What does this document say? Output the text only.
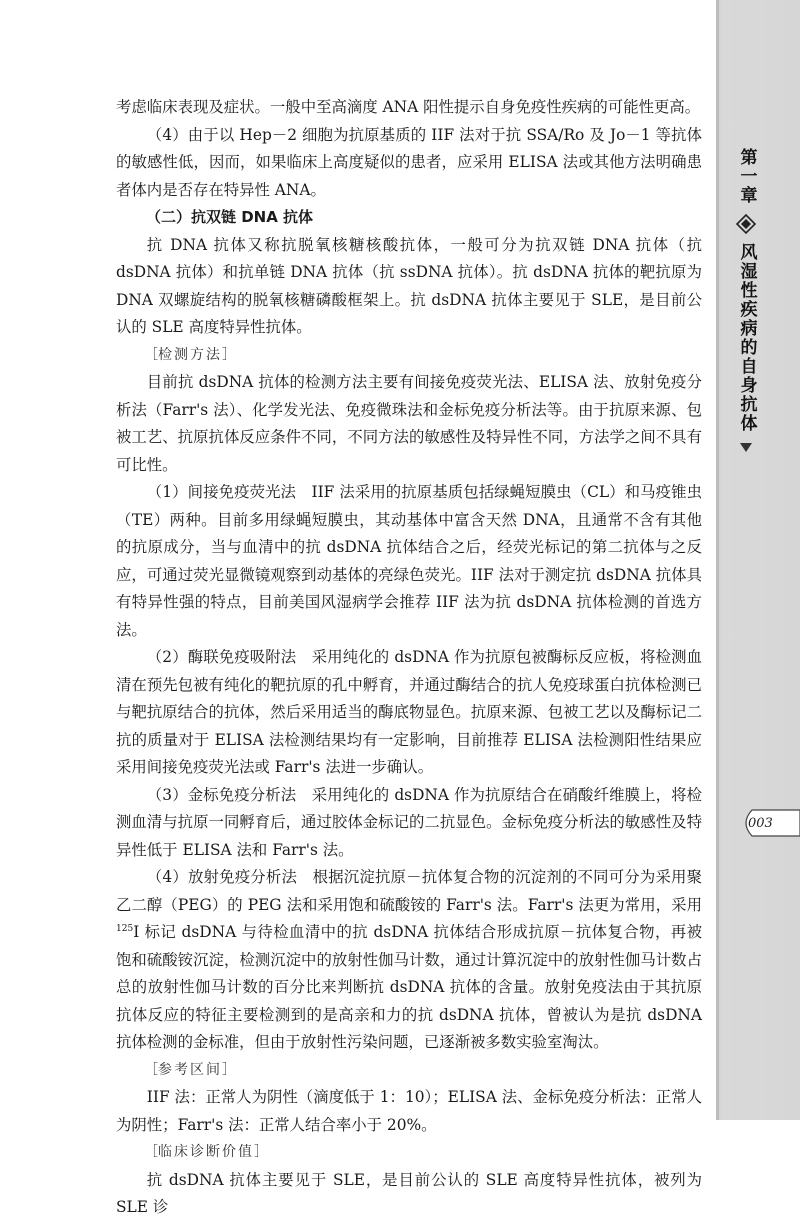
第一章
风湿性疾病的自身抗体
003

考虑临床表现及症状。一般中至高滴度 ANA 阳性提示自身免疫性疾病的可能性更高。

（4）由于以 Hep－2 细胞为抗原基质的 IIF 法对于抗 SSA/Ro 及 Jo－1 等抗体的敏感性低，因而，如果临床上高度疑似的患者，应采用 ELISA 法或其他方法明确患者体内是否存在特异性 ANA。

（二）抗双链 DNA 抗体

抗 DNA 抗体又称抗脱氧核糖核酸抗体，一般可分为抗双链 DNA 抗体（抗 dsDNA 抗体）和抗单链 DNA 抗体（抗 ssDNA 抗体）。抗 dsDNA 抗体的靶抗原为 DNA 双螺旋结构的脱氧核糖磷酸框架上。抗 dsDNA 抗体主要见于 SLE，是目前公认的 SLE 高度特异性抗体。

［检测方法］

目前抗 dsDNA 抗体的检测方法主要有间接免疫荧光法、ELISA 法、放射免疫分析法（Farr's 法）、化学发光法、免疫微珠法和金标免疫分析法等。由于抗原来源、包被工艺、抗原抗体反应条件不同，不同方法的敏感性及特异性不同，方法学之间不具有可比性。

（1）间接免疫荧光法　IIF 法采用的抗原基质包括绿蝇短膜虫（CL）和马疫锥虫（TE）两种。目前多用绿蝇短膜虫，其动基体中富含天然 DNA，且通常不含有其他的抗原成分，当与血清中的抗 dsDNA 抗体结合之后，经荧光标记的第二抗体与之反应，可通过荧光显微镜观察到动基体的亮绿色荧光。IIF 法对于测定抗 dsDNA 抗体具有特异性强的特点，目前美国风湿病学会推荐 IIF 法为抗 dsDNA 抗体检测的首选方法。

（2）酶联免疫吸附法　采用纯化的 dsDNA 作为抗原包被酶标反应板，将检测血清在预先包被有纯化的靶抗原的孔中孵育，并通过酶结合的抗人免疫球蛋白抗体检测已与靶抗原结合的抗体，然后采用适当的酶底物显色。抗原来源、包被工艺以及酶标记二抗的质量对于 ELISA 法检测结果均有一定影响，目前推荐 ELISA 法检测阳性结果应采用间接免疫荧光法或 Farr's 法进一步确认。

（3）金标免疫分析法　采用纯化的 dsDNA 作为抗原结合在硝酸纤维膜上，将检测血清与抗原一同孵育后，通过胶体金标记的二抗显色。金标免疫分析法的敏感性及特异性低于 ELISA 法和 Farr's 法。

（4）放射免疫分析法　根据沉淀抗原－抗体复合物的沉淀剂的不同可分为采用聚乙二醇（PEG）的 PEG 法和采用饱和硫酸铵的 Farr's 法。Farr's 法更为常用，采用$^{125}$I 标记 dsDNA 与待检血清中的抗 dsDNA 抗体结合形成抗原－抗体复合物，再被饱和硫酸铵沉淀，检测沉淀中的放射性伽马计数，通过计算沉淀中的放射性伽马计数占总的放射性伽马计数的百分比来判断抗 dsDNA 抗体的含量。放射免疫法由于其抗原抗体反应的特征主要检测到的是高亲和力的抗 dsDNA 抗体，曾被认为是抗 dsDNA 抗体检测的金标准，但由于放射性污染问题，已逐渐被多数实验室淘汰。

［参考区间］

IIF 法：正常人为阴性（滴度低于 1：10）；ELISA 法、金标免疫分析法：正常人为阴性；Farr's 法：正常人结合率小于 20%。

［临床诊断价值］

抗 dsDNA 抗体主要见于 SLE，是目前公认的 SLE 高度特异性抗体，被列为 SLE 诊
